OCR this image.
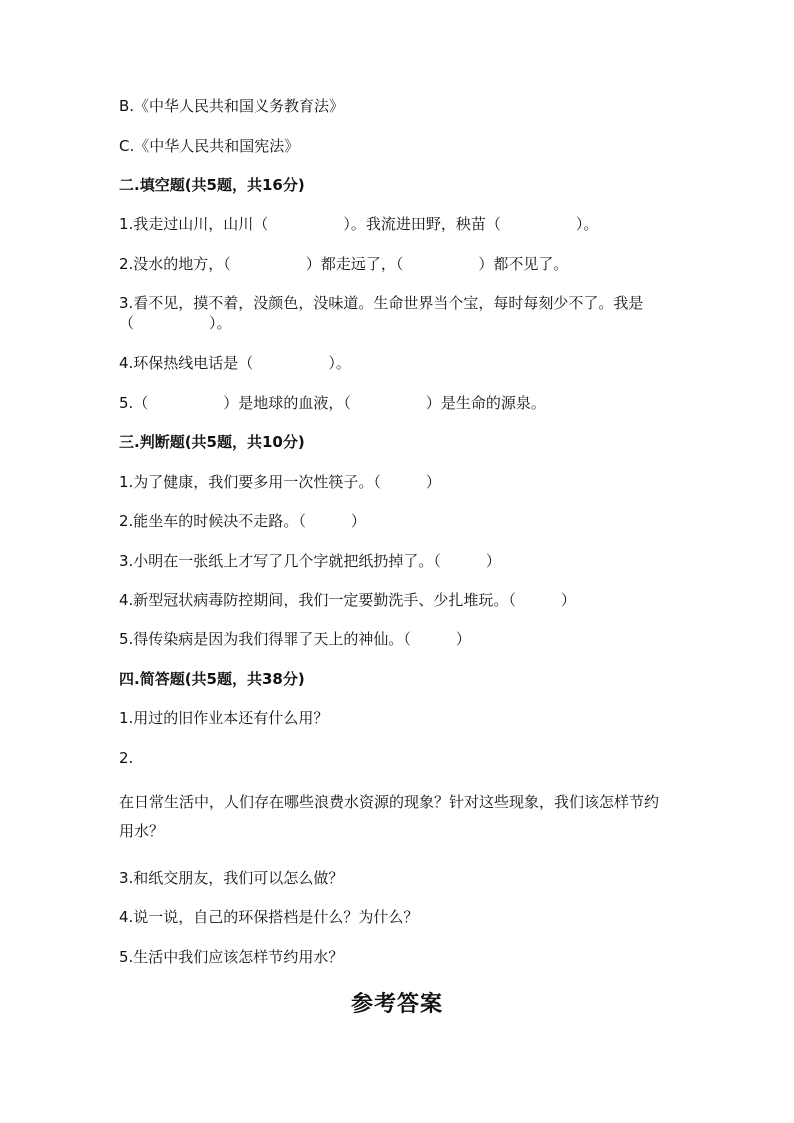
B.《中华人民共和国义务教育法》
C.《中华人民共和国宪法》
二.填空题(共5题，共16分)
1.我走过山川，山川（　　　　　）。我流进田野，秧苗（　　　　　）。
2.没水的地方，（　　　　　）都走远了，（　　　　　）都不见了。
3.看不见，摸不着，没颜色，没味道。生命世界当个宝，每时每刻少不了。我是（　　　　　）。
4.环保热线电话是（　　　　　）。
5.（　　　　　）是地球的血液，（　　　　　）是生命的源泉。
三.判断题(共5题，共10分)
1.为了健康，我们要多用一次性筷子。（　　　）
2.能坐车的时候决不走路。（　　　）
3.小明在一张纸上才写了几个字就把纸扔掉了。（　　　）
4.新型冠状病毒防控期间，我们一定要勤洗手、少扎堆玩。（　　　）
5.得传染病是因为我们得罪了天上的神仙。（　　　）
四.简答题(共5题，共38分)
1.用过的旧作业本还有什么用？
2.
在日常生活中，人们存在哪些浪费水资源的现象？针对这些现象，我们该怎样节约用水？
3.和纸交朋友，我们可以怎么做？
4.说一说，自己的环保搭档是什么？为什么？
5.生活中我们应该怎样节约用水？
参考答案
